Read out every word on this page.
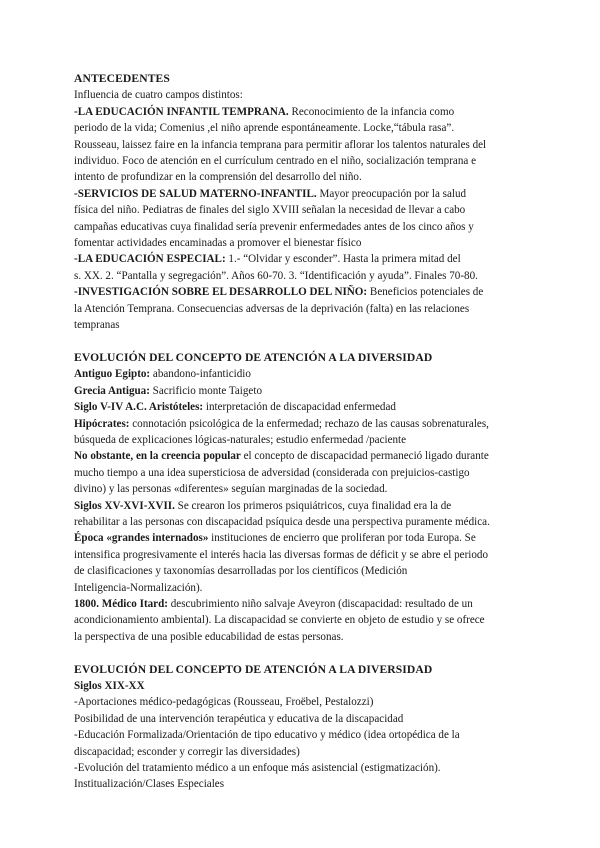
ANTECEDENTES
Influencia de cuatro campos distintos:
-LA EDUCACIÓN INFANTIL TEMPRANA. Reconocimiento de la infancia como
periodo de la vida; Comenius ,el niño aprende espontáneamente. Locke,“tábula rasa”.
Rousseau, laissez faire en la infancia temprana para permitir aflorar los talentos naturales del
individuo. Foco de atención en el currículum centrado en el niño, socialización temprana e
intento de profundizar en la comprensión del desarrollo del niño.
-SERVICIOS DE SALUD MATERNO-INFANTIL. Mayor preocupación por la salud
física del niño. Pediatras de finales del siglo XVIII señalan la necesidad de llevar a cabo
campañas educativas cuya finalidad sería prevenir enfermedades antes de los cinco años y
fomentar actividades encaminadas a promover el bienestar físico
-LA EDUCACIÓN ESPECIAL: 1.- “Olvidar y esconder”. Hasta la primera mitad del
s. XX. 2. “Pantalla y segregación”. Años 60-70. 3. “Identificación y ayuda”. Finales 70-80.
-INVESTIGACIÓN SOBRE EL DESARROLLO DEL NIÑO: Beneficios potenciales de
la Atención Temprana. Consecuencias adversas de la deprivación (falta) en las relaciones
tempranas
EVOLUCIÓN DEL CONCEPTO DE ATENCIÓN A LA DIVERSIDAD
Antiguo Egipto: abandono-infanticidio
Grecia Antigua: Sacrificio monte Taigeto
Siglo V-IV A.C. Aristóteles: interpretación de discapacidad enfermedad
Hipócrates: connotación psicológica de la enfermedad; rechazo de las causas sobrenaturales,
búsqueda de explicaciones lógicas-naturales; estudio enfermedad /paciente
No obstante, en la creencia popular el concepto de discapacidad permaneció ligado durante
mucho tiempo a una idea supersticiosa de adversidad (considerada con prejuicios-castigo
divino) y las personas «diferentes» seguían marginadas de la sociedad.
Siglos XV-XVI-XVII. Se crearon los primeros psiquiátricos, cuya finalidad era la de
rehabilitar a las personas con discapacidad psíquica desde una perspectiva puramente médica.
Época «grandes internados» instituciones de encierro que proliferan por toda Europa. Se
intensifica progresivamente el interés hacia las diversas formas de déficit y se abre el periodo
de clasificaciones y taxonomías desarrolladas por los científicos (Medición
Inteligencia-Normalización).
1800. Médico Itard: descubrimiento niño salvaje Aveyron (discapacidad: resultado de un
acondicionamiento ambiental). La discapacidad se convierte en objeto de estudio y se ofrece
la perspectiva de una posible educabilidad de estas personas.
EVOLUCIÓN DEL CONCEPTO DE ATENCIÓN A LA DIVERSIDAD
Siglos XIX-XX
-Aportaciones médico-pedagógicas (Rousseau, Froëbel, Pestalozzi)
Posibilidad de una intervención terapéutica y educativa de la discapacidad
-Educación Formalizada/Orientación de tipo educativo y médico (idea ortopédica de la
discapacidad; esconder y corregir las diversidades)
-Evolución del tratamiento médico a un enfoque más asistencial (estigmatización).
Institualización/Clases Especiales
